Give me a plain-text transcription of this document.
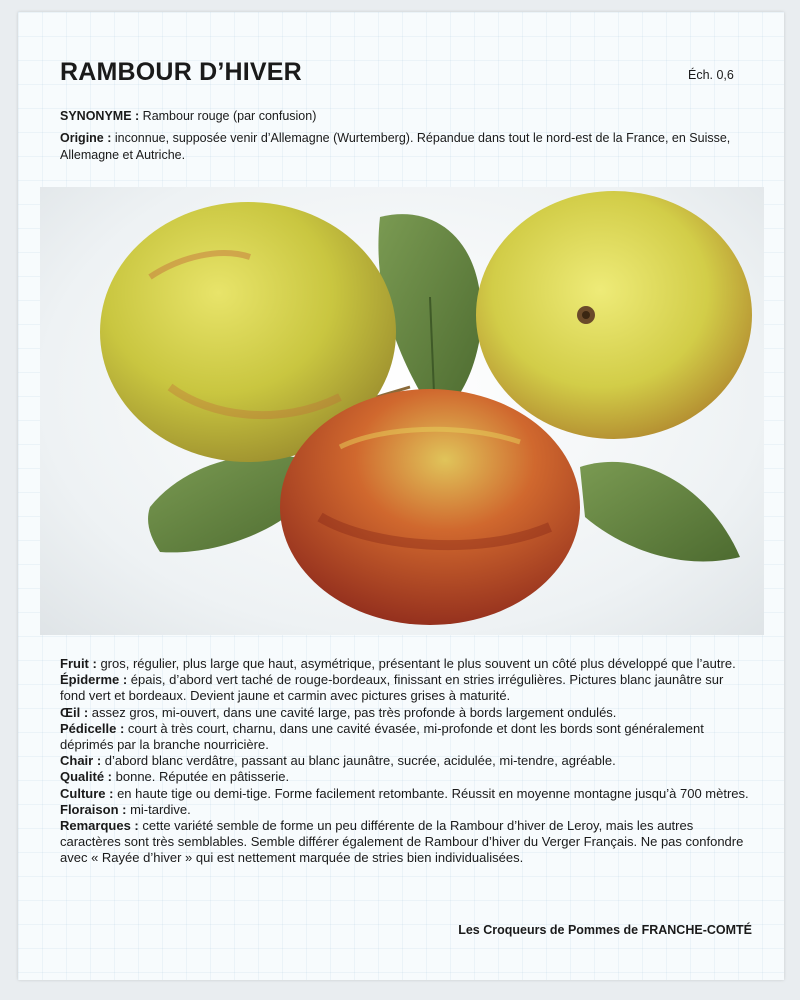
RAMBOUR D’HIVER	Éch. 0,6

SYNONYME : Rambour rouge (par confusion)

Origine : inconnue, supposée venir d’Allemagne (Wurtemberg). Répandue dans tout le nord-est de la France, en Suisse, Allemagne et Autriche.

Fruit : gros, régulier, plus large que haut, asymétrique, présentant le plus souvent un côté plus développé que l’autre.

Épiderme : épais, d’abord vert taché de rouge-bordeaux, finissant en stries irrégulières. Pictures blanc jaunâtre sur fond vert et bordeaux. Devient jaune et carmin avec pictures grises à maturité.

Œil : assez gros, mi-ouvert, dans une cavité large, pas très profonde à bords largement ondulés.

Pédicelle : court à très court, charnu, dans une cavité évasée, mi-profonde et dont les bords sont généralement déprimés par la branche nourricière.

Chair : d’abord blanc verdâtre, passant au blanc jaunâtre, sucrée, acidulée, mi-tendre, agréable.

Qualité : bonne. Réputée en pâtisserie.

Culture : en haute tige ou demi-tige. Forme facilement retombante. Réussit en moyenne montagne jusqu’à 700 mètres.

Floraison : mi-tardive.

Remarques : cette variété semble de forme un peu différente de la Rambour d’hiver de Leroy, mais les autres caractères sont très semblables. Semble différer également de Rambour d’hiver du Verger Français. Ne pas confondre avec « Rayée d’hiver » qui est nettement marquée de stries bien individualisées.

Les Croqueurs de Pommes de FRANCHE-COMTÉ
